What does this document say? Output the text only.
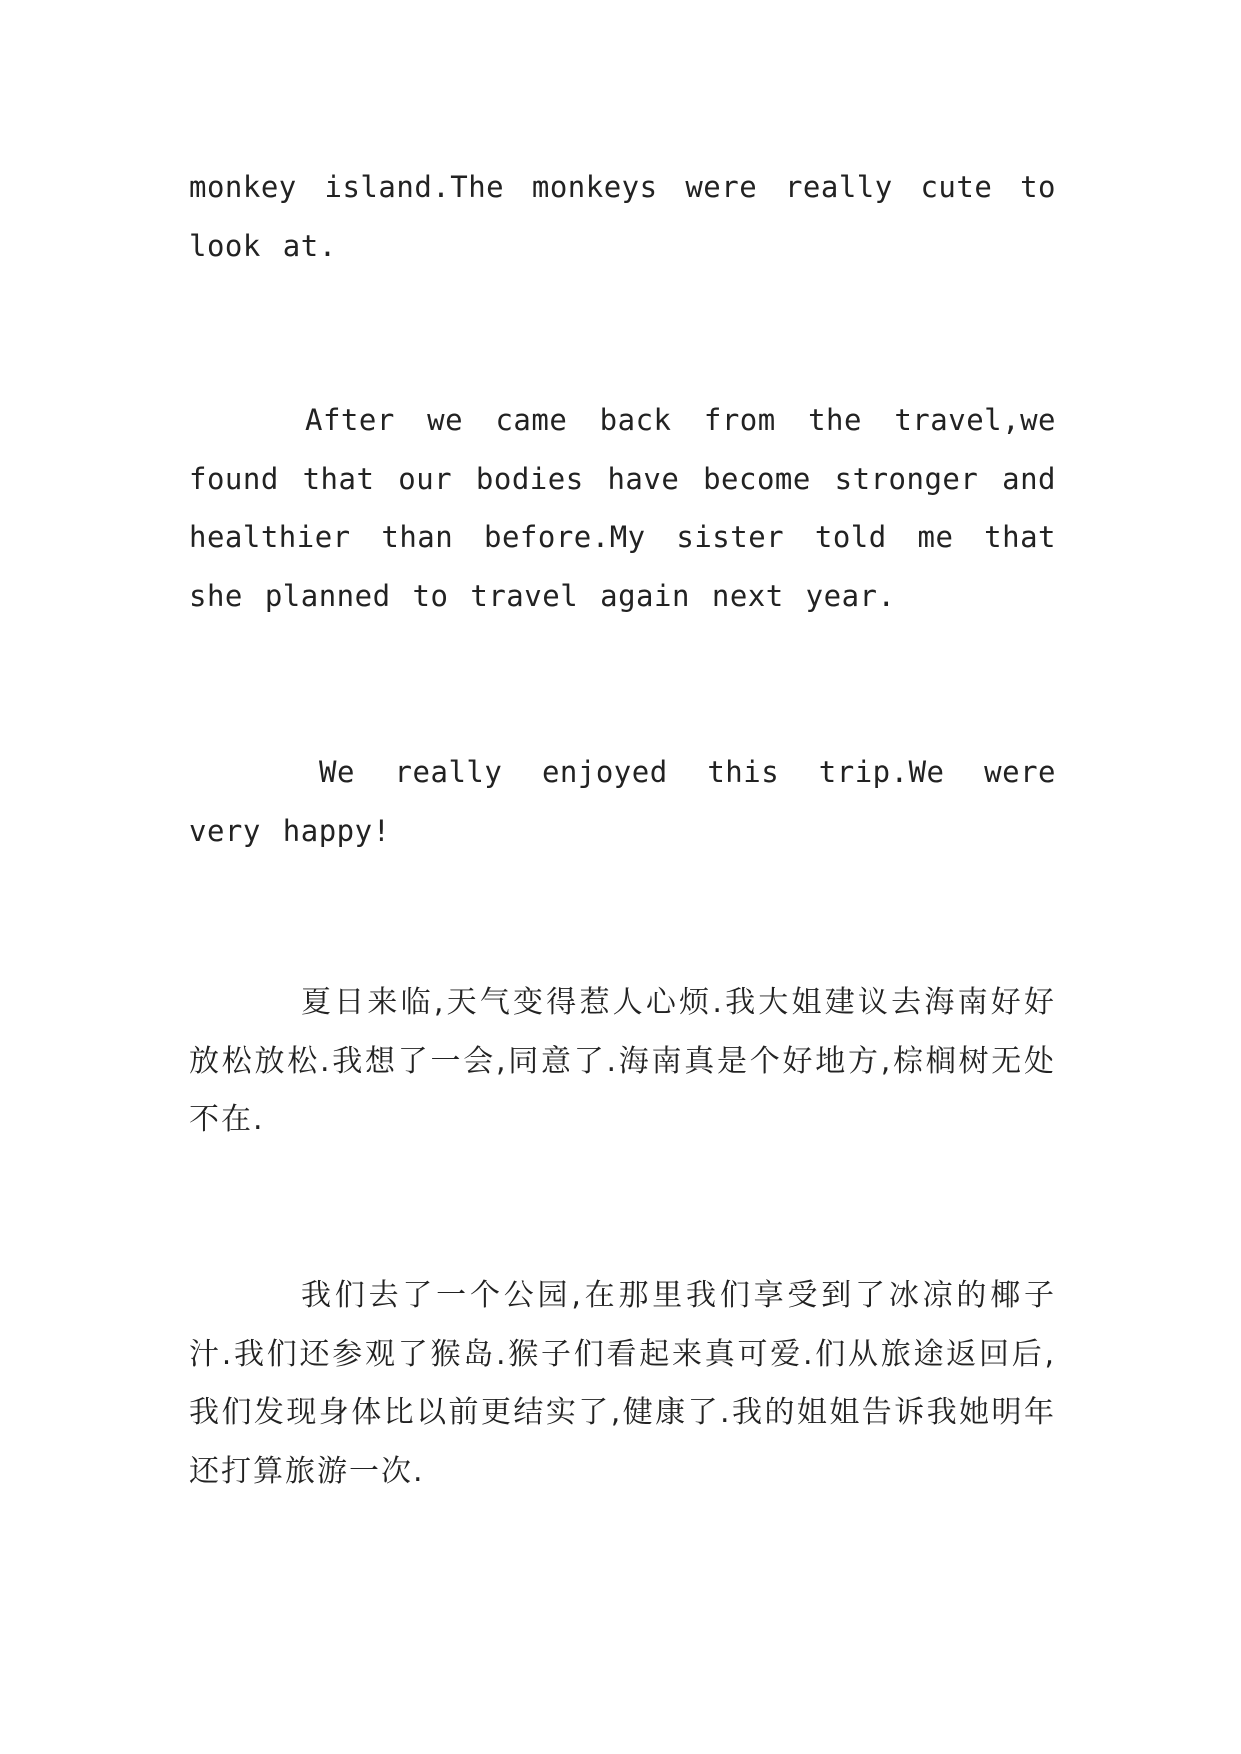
monkey island.The monkeys were really cute to look at.

After we came back from the travel,we found that our bodies have become stronger and healthier than before.My sister told me that she planned to travel again next year.

We really enjoyed this trip.We were very happy!

夏日来临,天气变得惹人心烦.我大姐建议去海南好好放松放松.我想了一会,同意了.海南真是个好地方,棕榈树无处不在.

我们去了一个公园,在那里我们享受到了冰凉的椰子汁.我们还参观了猴岛.猴子们看起来真可爱.们从旅途返回后,我们发现身体比以前更结实了,健康了.我的姐姐告诉我她明年还打算旅游一次.
